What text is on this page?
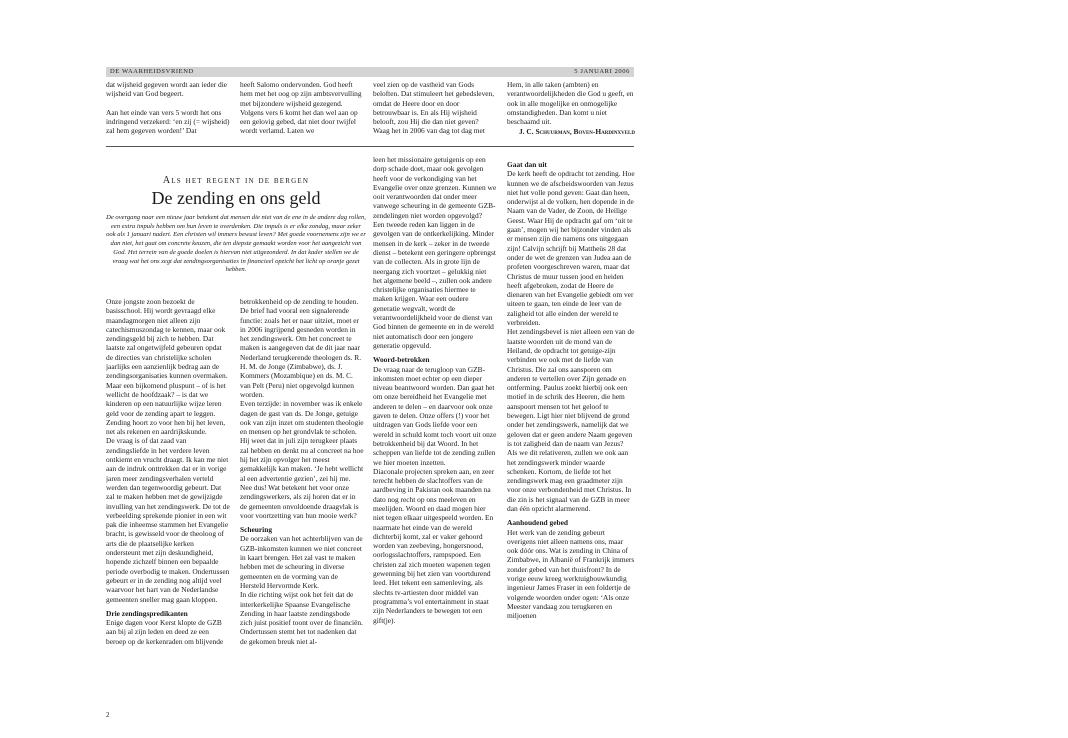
DE WAARHEIDSVRIEND	5 JANUARI 2006

dat wijsheid gegeven wordt aan ieder die wijsheid van God begeert.

Aan het einde van vers 5 wordt het ons indringend verzekerd: ‘en zij (= wijsheid) zal hem gegeven worden!’ Dat

heeft Salomo ondervonden. God heeft hem met het oog op zijn ambtsvervulling met bijzondere wijsheid gezegend. Volgens vers 6 komt het dan wel aan op een gelovig gebed, dat niet door twijfel wordt verlamd. Laten we

veel zien op de vastheid van Gods beloften. Dat stimuleert het gebedsleven, omdat de Heere door en door betrouwbaar is. En als Hij wijsheid belooft, zou Hij die dan niet geven? Waag het in 2006 van dag tot dag met

Hem, in alle taken (ambten) en verantwoordelijkheden die God u geeft, en ook in alle mogelijke en onmogelijke omstandigheden. Dan komt u niet beschaamd uit.

J. C. Schuurman, Boven-Hardinxveld

Als het regent in de bergen
De zending en ons geld

De overgang naar een nieuw jaar betekent dat mensen die niet van de ene in de andere dag rollen, een extra impuls hebben om hun leven te overdenken. Die impuls is er elke zondag, maar zeker ook als 1 januari nadert. Een christen wil immers bewust leven? Met goede voornemens zijn we er dan niet, het gaat om concrete keuzen, die ten diepste gemaakt worden voor het aangezicht van God. Het terrein van de goede doelen is hiervan niet uitgezonderd. In dat kader stellen we de vraag wat het ons zegt dat zendingsorganisaties in financieel opzicht het licht op oranje gezet hebben.

Onze jongste zoon bezoekt de basisschool. Hij wordt gevraagd elke maandagmorgen niet alleen zijn catechismuszondag te kennen, maar ook zendingsgeld bij zich te hebben. Dat laatste zal ongetwijfeld gebeuren opdat de directies van christelijke scholen jaarlijks een aanzienlijk bedrag aan de zendingsorganisaties kunnen overmaken. Maar een bijkomend pluspunt – of is het wellicht de hoofdzaak? – is dat we kinderen op een natuurlijke wijze leren geld voor de zending apart te leggen. Zending hoort zo voor hen bij het leven, net als rekenen en aardrijkskunde.

De vraag is of dat zaad van zendingsliefde in het verdere leven ontkiemt en vrucht draagt. Ik kan me niet aan de indruk onttrekken dat er in vorige jaren meer zendingsverhalen verteld werden dan tegenwoordig gebeurt. Dat zal te maken hebben met de gewijzigde invulling van het zendingswerk. De tot de verbeelding sprekende pionier in een wit pak die inheemse stammen het Evangelie bracht, is gewisseld voor de theoloog of arts die de plaatselijke kerken ondersteunt met zijn deskundigheid, hopende zichzelf binnen een bepaalde periode overbodig te maken. Ondertussen gebeurt er in de zending nog altijd veel waarvoor het hart van de Nederlandse gemeenten sneller mag gaan kloppen.

Drie zendingspredikanten

Enige dagen voor Kerst klopte de GZB aan bij al zijn leden en deed ze een beroep op de kerkenraden om blijvende

betrokkenheid op de zending te houden. De brief had vooral een signalerende functie: zoals het er naar uitziet, moet er in 2006 ingrijpend gesneden worden in het zendingswerk. Om het concreet te maken is aangegeven dat de dit jaar naar Nederland terugkerende theologen ds. R. H. M. de Jonge (Zimbabwe), ds. J. Kommers (Mozambique) en ds. M. C. van Pelt (Peru) niet opgevolgd kunnen worden.

Even terzijde: in november was ik enkele dagen de gast van ds. De Jonge, getuige ook van zijn inzet om studenten theologie en mensen op het grondvlak te scholen. Hij weet dat in juli zijn terugkeer plaats zal hebben en denkt nu al concreet na hoe hij het zijn opvolger het meest gemakkelijk kan maken. ‘Je hebt wellicht al een advertentie gezien’, zei hij me. Nee dus! Wat betekent het voor onze zendingswerkers, als zij horen dat er in de gemeenten onvoldoende draagvlak is voor voortzetting van hun mooie werk?

Scheuring

De oorzaken van het achterblijven van de GZB-inkomsten kunnen we niet concreet in kaart brengen. Het zal vast te maken hebben met de scheuring in diverse gemeenten en de vorming van de Hersteld Hervormde Kerk.

In die richting wijst ook het feit dat de interkerkelijke Spaanse Evangelische Zending in haar laatste zendingsbode zich juist positief toont over de financiën. Ondertussen stemt het tot nadenken dat de gekomen breuk niet al-

leen het missionaire getuigenis op een dorp schade doet, maar ook gevolgen heeft voor de verkondiging van het Evangelie over onze grenzen. Kunnen we ooit verantwoorden dat onder meer vanwege scheuring in de gemeente GZB-zendelingen niet worden opgevolgd?

Een tweede reden kan liggen in de gevolgen van de ontkerkelijking. Minder mensen in de kerk – zeker in de tweede dienst – betekent een geringere opbrengst van de collecten. Als in grote lijn de neergang zich voortzet – gelukkig niet het algemene beeld –, zullen ook andere christelijke organisaties hiermee te maken krijgen. Waar een oudere generatie wegvalt, wordt de verantwoordelijkheid voor de dienst van God binnen de gemeente en in de wereld niet automatisch door een jongere generatie opgevuld.

Woord-betrokken

De vraag naar de terugloop van GZB-inkomsten moet echter op een dieper niveau beantwoord worden. Dan gaat het om onze bereidheid het Evangelie met anderen te delen – en daarvoor ook onze gaven te delen. Onze offers (!) voor het uitdragen van Gods liefde voor een wereld in schuld komt toch voort uit onze betrokkenheid bij dat Woord. In het scheppen van liefde tot de zending zullen we hier moeten inzetten.

Diaconale projecten spreken aan, en zeer terecht hebben de slachtoffers van de aardbeving in Pakistan ook maanden na dato nog recht op ons meeleven en meelijden. Woord en daad mogen hier niet tegen elkaar uitgespeeld worden. En naarmate het einde van de wereld dichterbij komt, zal er vaker gehoord worden van zeebeving, hongersnood, oorlogsslachtoffers, rampspoed. Een christen zal zich moeten wapenen tegen gewenning bij het zien van voortdurend leed. Het tekent een samenleving, als slechts tv-artiesten door middel van programma’s vol entertainment in staat zijn Nederlanders te bewegen tot een gift(je).

Gaat dan uit

De kerk heeft de opdracht tot zending. Hoe kunnen we de afscheidswoorden van Jezus niet het volle pond geven: Gaat dan heen, onderwijst al de volken, hen dopende in de Naam van de Vader, de Zoon, de Heilige Geest. Waar Hij de opdracht gaf om ‘uit te gaan’, mogen wij het bijzonder vinden als er mensen zijn die namens ons uitgegaan zijn! Calvijn schrijft bij Mattheüs 28 dat onder de wet de grenzen van Judea aan de profeten voorgeschreven waren, maar dat Christus de muur tussen jood en heiden heeft afgebroken, zodat de Heere de dienaren van het Evangelie gebiedt om ver uiteen te gaan, ten einde de leer van de zaligheid tot alle einden der wereld te verbreiden.

Het zendingsbevel is niet alleen een van de laatste woorden uit de mond van de Heiland, de opdracht tot getuige-zijn verbinden we ook met de liefde van Christus. Die zal ons aansporen om anderen te vertellen over Zijn genade en ontferming. Paulus zoekt hierbij ook een motief in de schrik des Heeren, die hem aanspoort mensen tot het geloof te bewegen. Ligt hier niet blijvend de grond onder het zendingswerk, namelijk dat we geloven dat er geen andere Naam gegeven is tot zaligheid dan de naam van Jezus? Als we dit relativeren, zullen we ook aan het zendingswerk minder waarde schenken. Kortom, de liefde tot het zendingswerk mag een graadmeter zijn voor onze verbondenheid met Christus. In die zin is het signaal van de GZB in meer dan één opzicht alarmerend.

Aanhoudend gebed

Het werk van de zending gebeurt overigens niet alleen namens ons, maar ook dóór ons. Wat is zending in China of Zimbabwe, in Albanië of Frankrijk immers zonder gebed van het thuisfront? In de vorige eeuw kreeg werktuigbouwkundig ingenieur James Fraser in een foldertje de volgende woorden onder ogen: ‘Als onze Meester vandaag zou terugkeren en miljoenen

2
